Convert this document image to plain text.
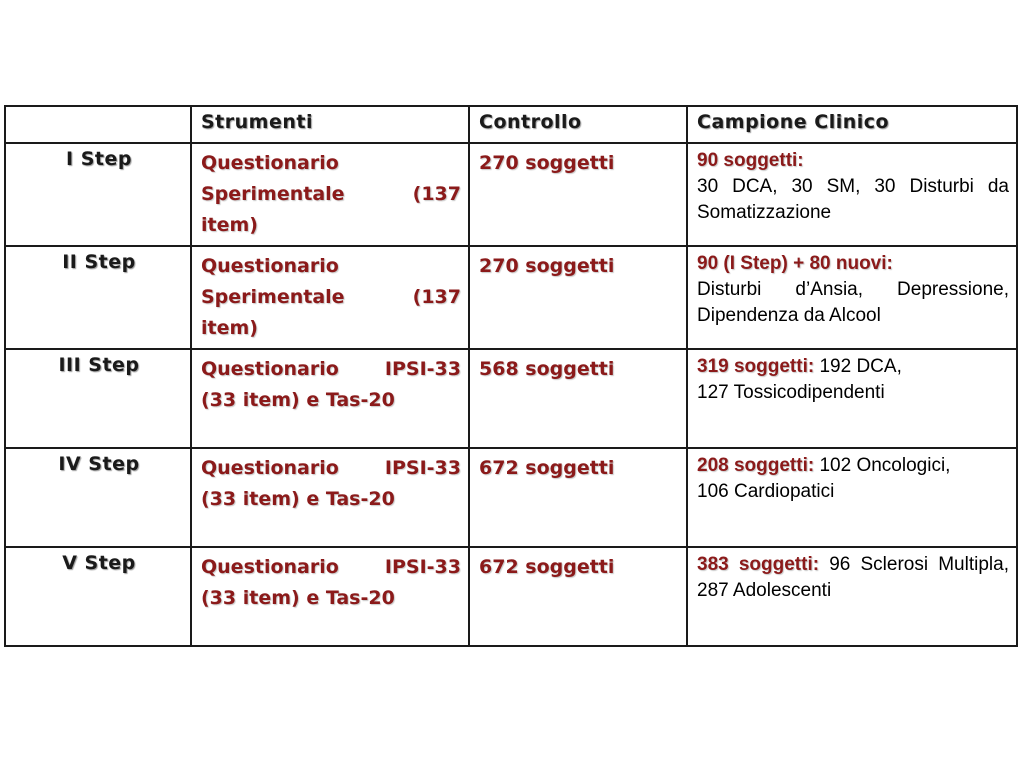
	Strumenti	Controllo	Campione Clinico

I Step	Questionario Sperimentale (137 item)	270 soggetti	90 soggetti:
30 DCA, 30 SM, 30 Disturbi da Somatizzazione

II Step	Questionario Sperimentale (137 item)	270 soggetti	90 (I Step) + 80 nuovi:
Disturbi d’Ansia, Depressione, Dipendenza da Alcool

III Step	Questionario IPSI-33 (33 item) e Tas-20	568 soggetti	319 soggetti: 192 DCA,
127 Tossicodipendenti

IV Step	Questionario IPSI-33 (33 item) e Tas-20	672 soggetti	208 soggetti: 102 Oncologici,
106 Cardiopatici

V Step	Questionario IPSI-33 (33 item) e Tas-20	672 soggetti	383 soggetti: 96 Sclerosi Multipla, 287 Adolescenti
